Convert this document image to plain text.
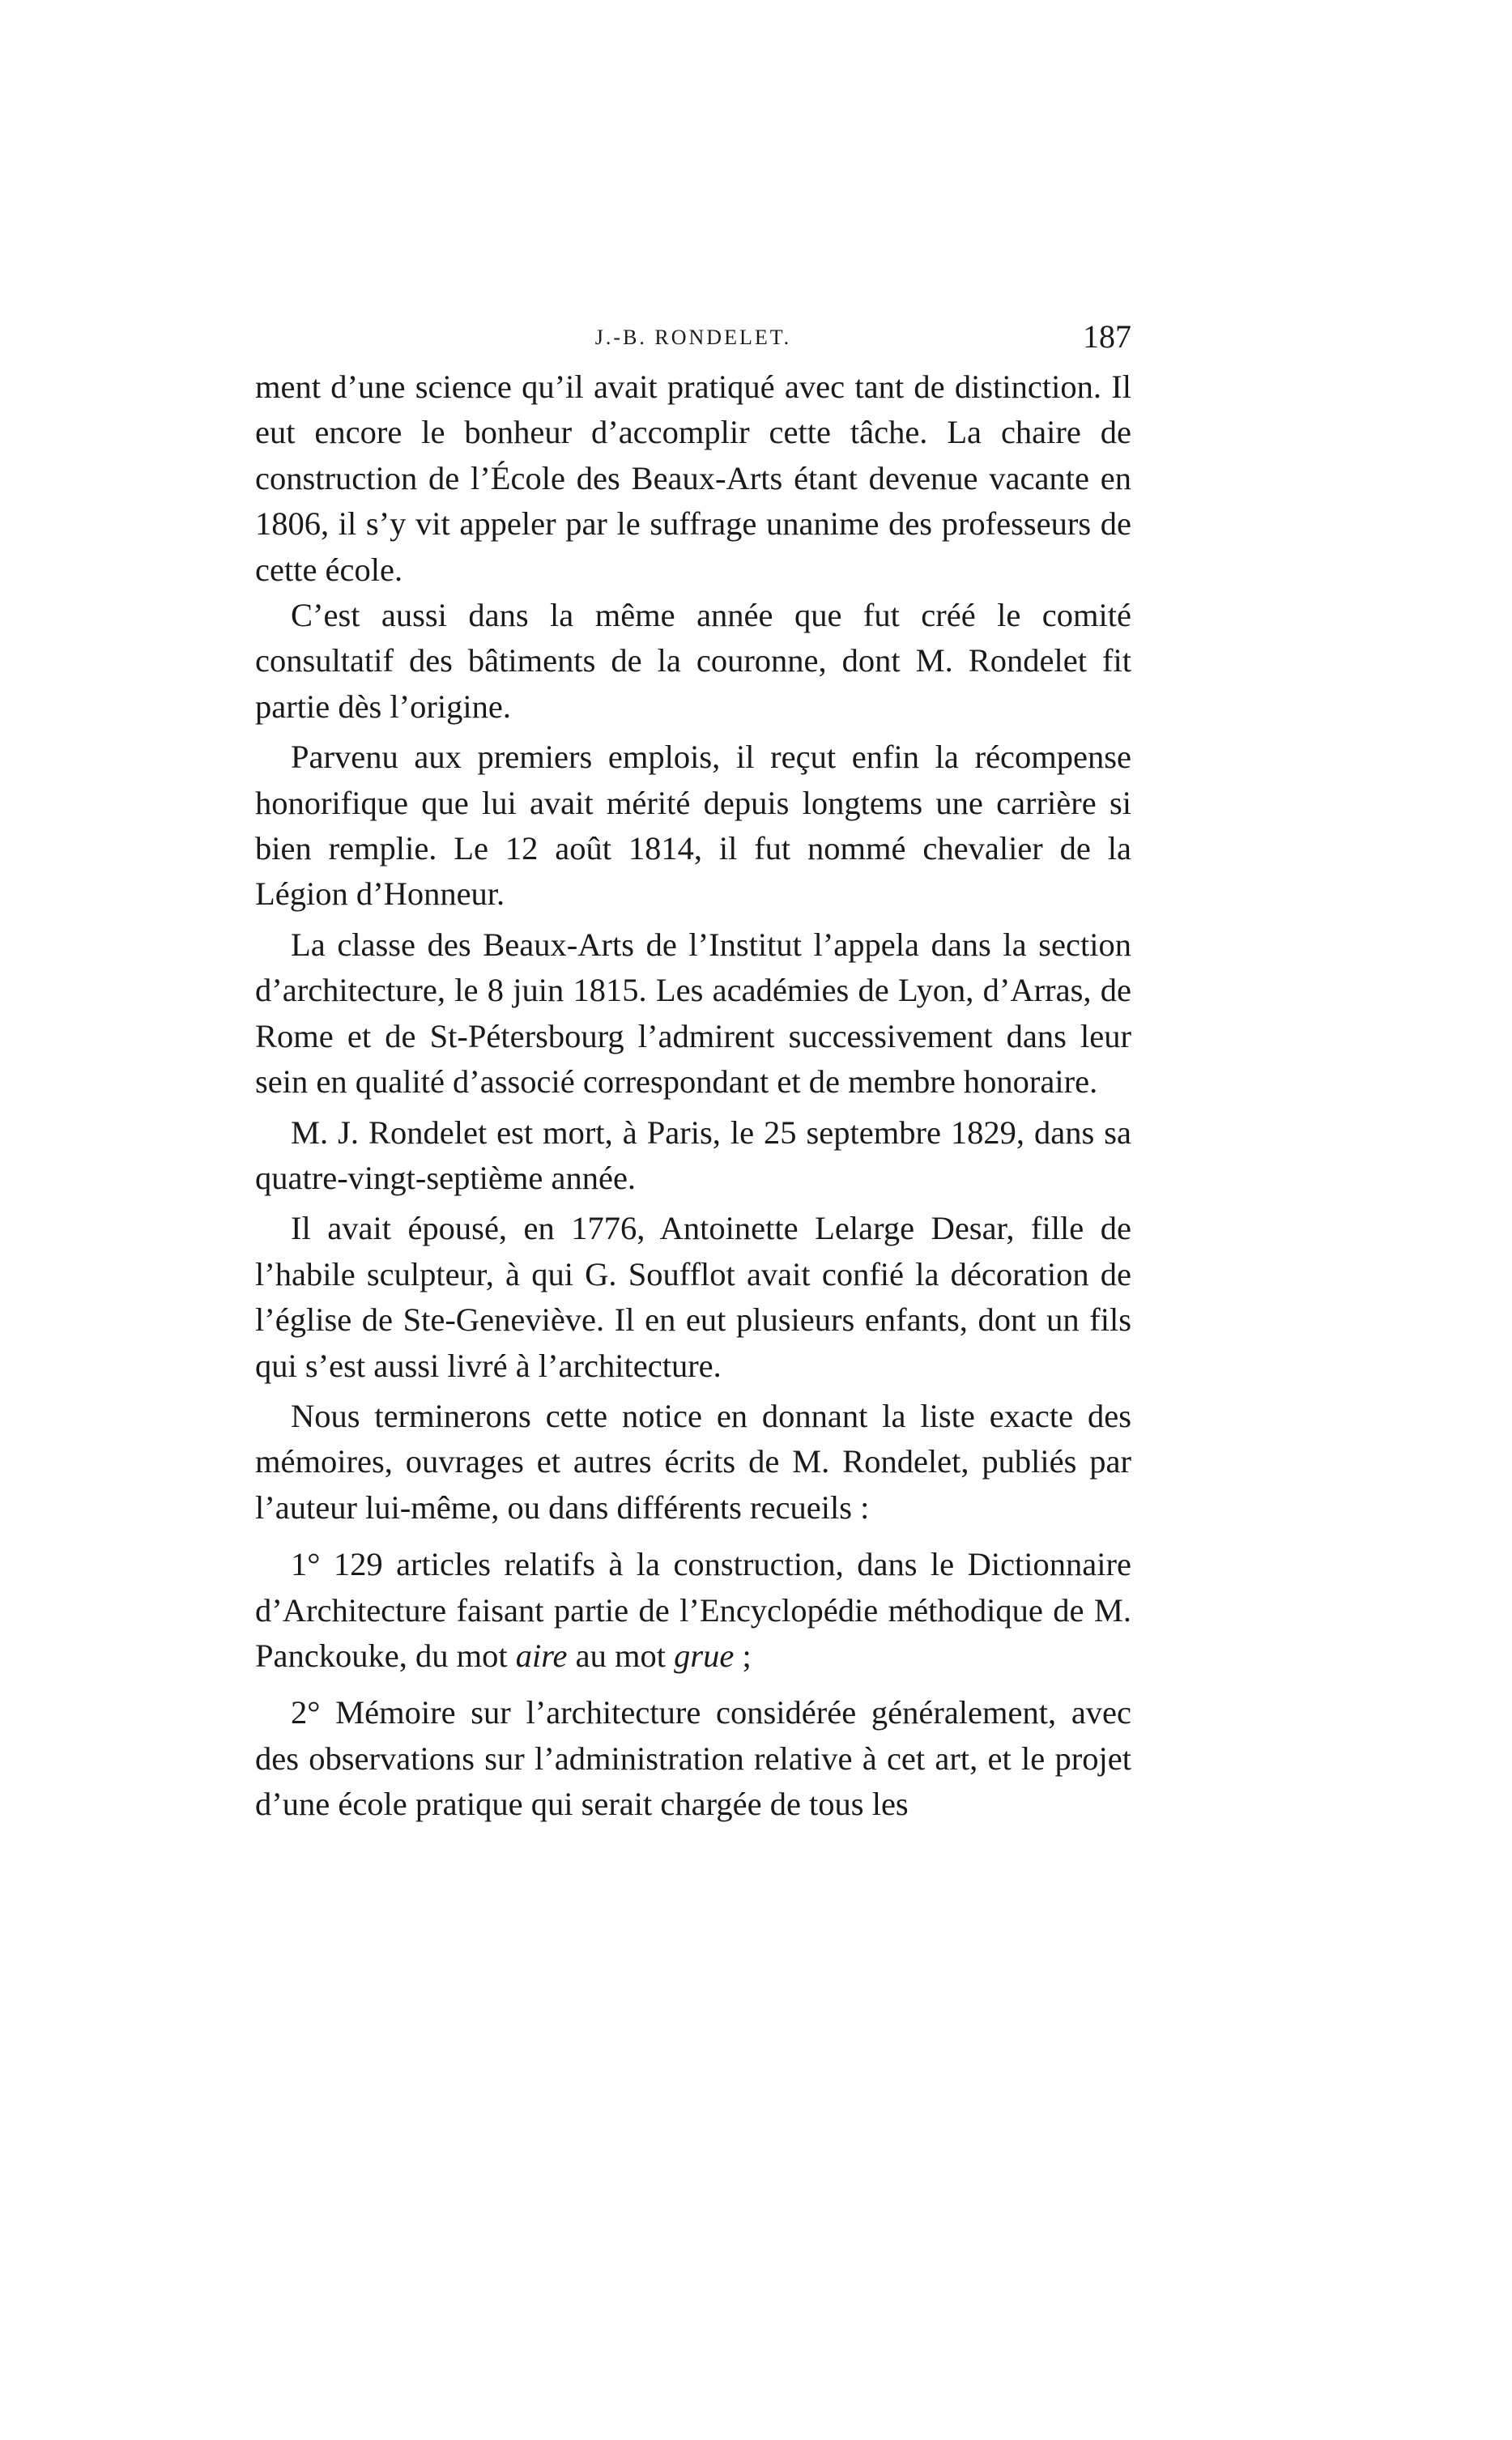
J.-B. RONDELET.	187

ment d’une science qu’il avait pratiqué avec tant de distinction. Il eut encore le bonheur d’accomplir cette tâche. La chaire de construction de l’École des Beaux-Arts étant devenue vacante en 1806, il s’y vit appeler par le suffrage unanime des professeurs de cette école.

C’est aussi dans la même année que fut créé le comité consultatif des bâtiments de la couronne, dont M. Rondelet fit partie dès l’origine.

Parvenu aux premiers emplois, il reçut enfin la récompense honorifique que lui avait mérité depuis longtems une carrière si bien remplie. Le 12 août 1814, il fut nommé chevalier de la Légion d’Honneur.

La classe des Beaux-Arts de l’Institut l’appela dans la section d’architecture, le 8 juin 1815. Les académies de Lyon, d’Arras, de Rome et de St-Pétersbourg l’admirent successivement dans leur sein en qualité d’associé correspondant et de membre honoraire.

M. J. Rondelet est mort, à Paris, le 25 septembre 1829, dans sa quatre-vingt-septième année.

Il avait épousé, en 1776, Antoinette Lelarge Desar, fille de l’habile sculpteur, à qui G. Soufflot avait confié la décoration de l’église de Ste-Geneviève. Il en eut plusieurs enfants, dont un fils qui s’est aussi livré à l’architecture.

Nous terminerons cette notice en donnant la liste exacte des mémoires, ouvrages et autres écrits de M. Rondelet, publiés par l’auteur lui-même, ou dans différents recueils :

1° 129 articles relatifs à la construction, dans le Dictionnaire d’Architecture faisant partie de l’Encyclopédie méthodique de M. Panckouke, du mot aire au mot grue ;

2° Mémoire sur l’architecture considérée généralement, avec des observations sur l’administration relative à cet art, et le projet d’une école pratique qui serait chargée de tous les
